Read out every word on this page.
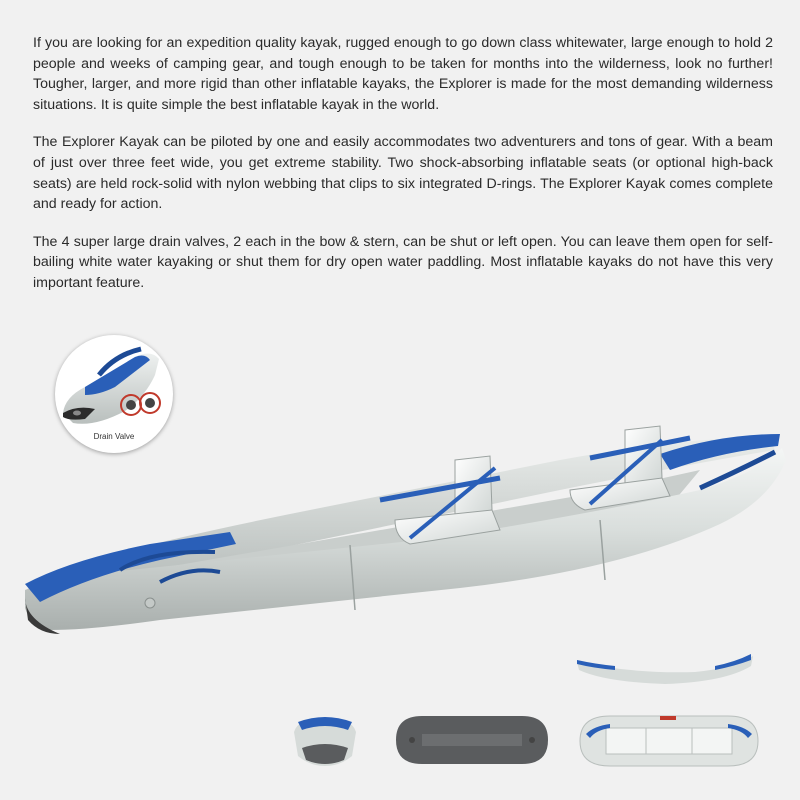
If you are looking for an expedition quality kayak, rugged enough to go down class whitewater, large enough to hold 2 people and weeks of camping gear, and tough enough to be taken for months into the wilderness, look no further! Tougher, larger, and more rigid than other inflatable kayaks, the Explorer is made for the most demanding wilderness situations. It is quite simple the best inflatable kayak in the world.

The Explorer Kayak can be piloted by one and easily accommodates two adventurers and tons of gear. With a beam of just over three feet wide, you get extreme stability. Two shock-absorbing inflatable seats (or optional high-back seats) are held rock-solid with nylon webbing that clips to six integrated D-rings. The Explorer Kayak comes complete and ready for action.

The 4 super large drain valves, 2 each in the bow & stern, can be shut or left open. You can leave them open for self-bailing white water kayaking or shut them for dry open water paddling. Most inflatable kayaks do not have this very important feature.

Drain Valve
